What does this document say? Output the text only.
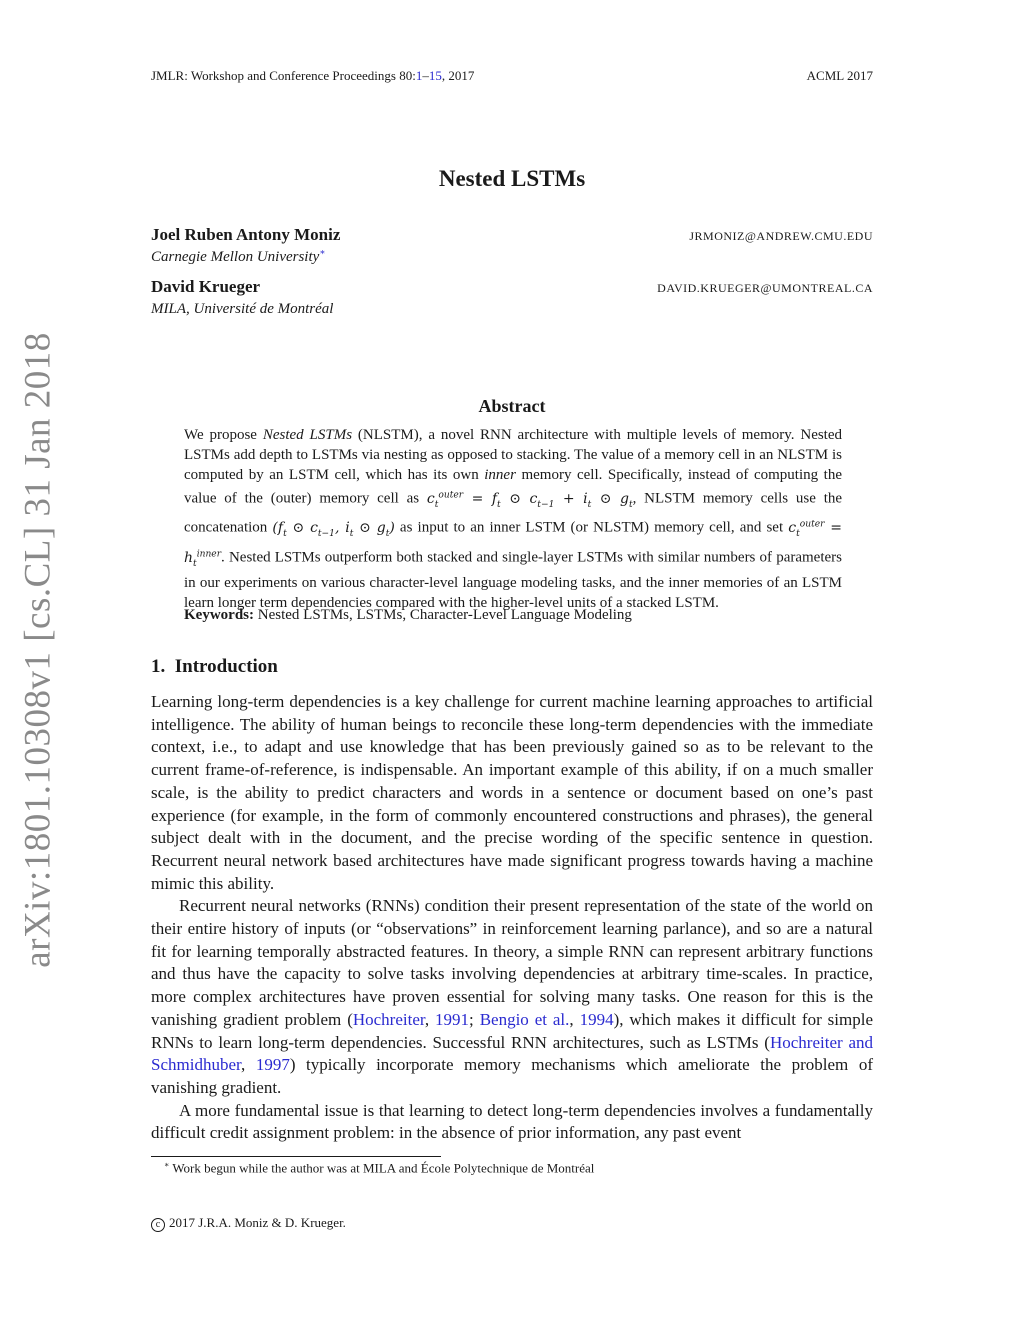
JMLR: Workshop and Conference Proceedings 80:1–15, 2017	ACML 2017
arXiv:1801.10308v1 [cs.CL] 31 Jan 2018
Nested LSTMs
Joel Ruben Antony Moniz	JRMONIZ@ANDREW.CMU.EDU
Carnegie Mellon University∗
David Krueger	DAVID.KRUEGER@UMONTREAL.CA
MILA, Université de Montréal
Abstract
We propose Nested LSTMs (NLSTM), a novel RNN architecture with multiple levels of memory. Nested LSTMs add depth to LSTMs via nesting as opposed to stacking. The value of a memory cell in an NLSTM is computed by an LSTM cell, which has its own inner memory cell. Specifically, instead of computing the value of the (outer) memory cell as $c_t^{outer} = f_t$ ⊙ $c_{t-1} + i_t$ ⊙ $g_t$, NLSTM memory cells use the concatenation ($f_t$ ⊙ $c_{t-1}$, $i_t$ ⊙ $g_t$) as input to an inner LSTM (or NLSTM) memory cell, and set $c_t^{outer} = h_t^{inner}$. Nested LSTMs outperform both stacked and single-layer LSTMs with similar numbers of parameters in our experiments on various character-level language modeling tasks, and the inner memories of an LSTM learn longer term dependencies compared with the higher-level units of a stacked LSTM.
Keywords: Nested LSTMs, LSTMs, Character-Level Language Modeling
1. Introduction

Learning long-term dependencies is a key challenge for current machine learning approaches to artificial intelligence. The ability of human beings to reconcile these long-term dependencies with the immediate context, i.e., to adapt and use knowledge that has been previously gained so as to be relevant to the current frame-of-reference, is indispensable. An important example of this ability, if on a much smaller scale, is the ability to predict characters and words in a sentence or document based on one’s past experience (for example, in the form of commonly encountered constructions and phrases), the general subject dealt with in the document, and the precise wording of the specific sentence in question. Recurrent neural network based architectures have made significant progress towards having a machine mimic this ability.

Recurrent neural networks (RNNs) condition their present representation of the state of the world on their entire history of inputs (or “observations” in reinforcement learning parlance), and so are a natural fit for learning temporally abstracted features. In theory, a simple RNN can represent arbitrary functions and thus have the capacity to solve tasks involving dependencies at arbitrary time-scales. In practice, more complex architectures have proven essential for solving many tasks. One reason for this is the vanishing gradient problem (Hochreiter, 1991; Bengio et al., 1994), which makes it difficult for simple RNNs to learn long-term dependencies. Successful RNN architectures, such as LSTMs (Hochreiter and Schmidhuber, 1997) typically incorporate memory mechanisms which ameliorate the problem of vanishing gradient.

A more fundamental issue is that learning to detect long-term dependencies involves a fundamentally difficult credit assignment problem: in the absence of prior information, any past event

∗ Work begun while the author was at MILA and École Polytechnique de Montréal
c 2017 J.R.A. Moniz & D. Krueger.
